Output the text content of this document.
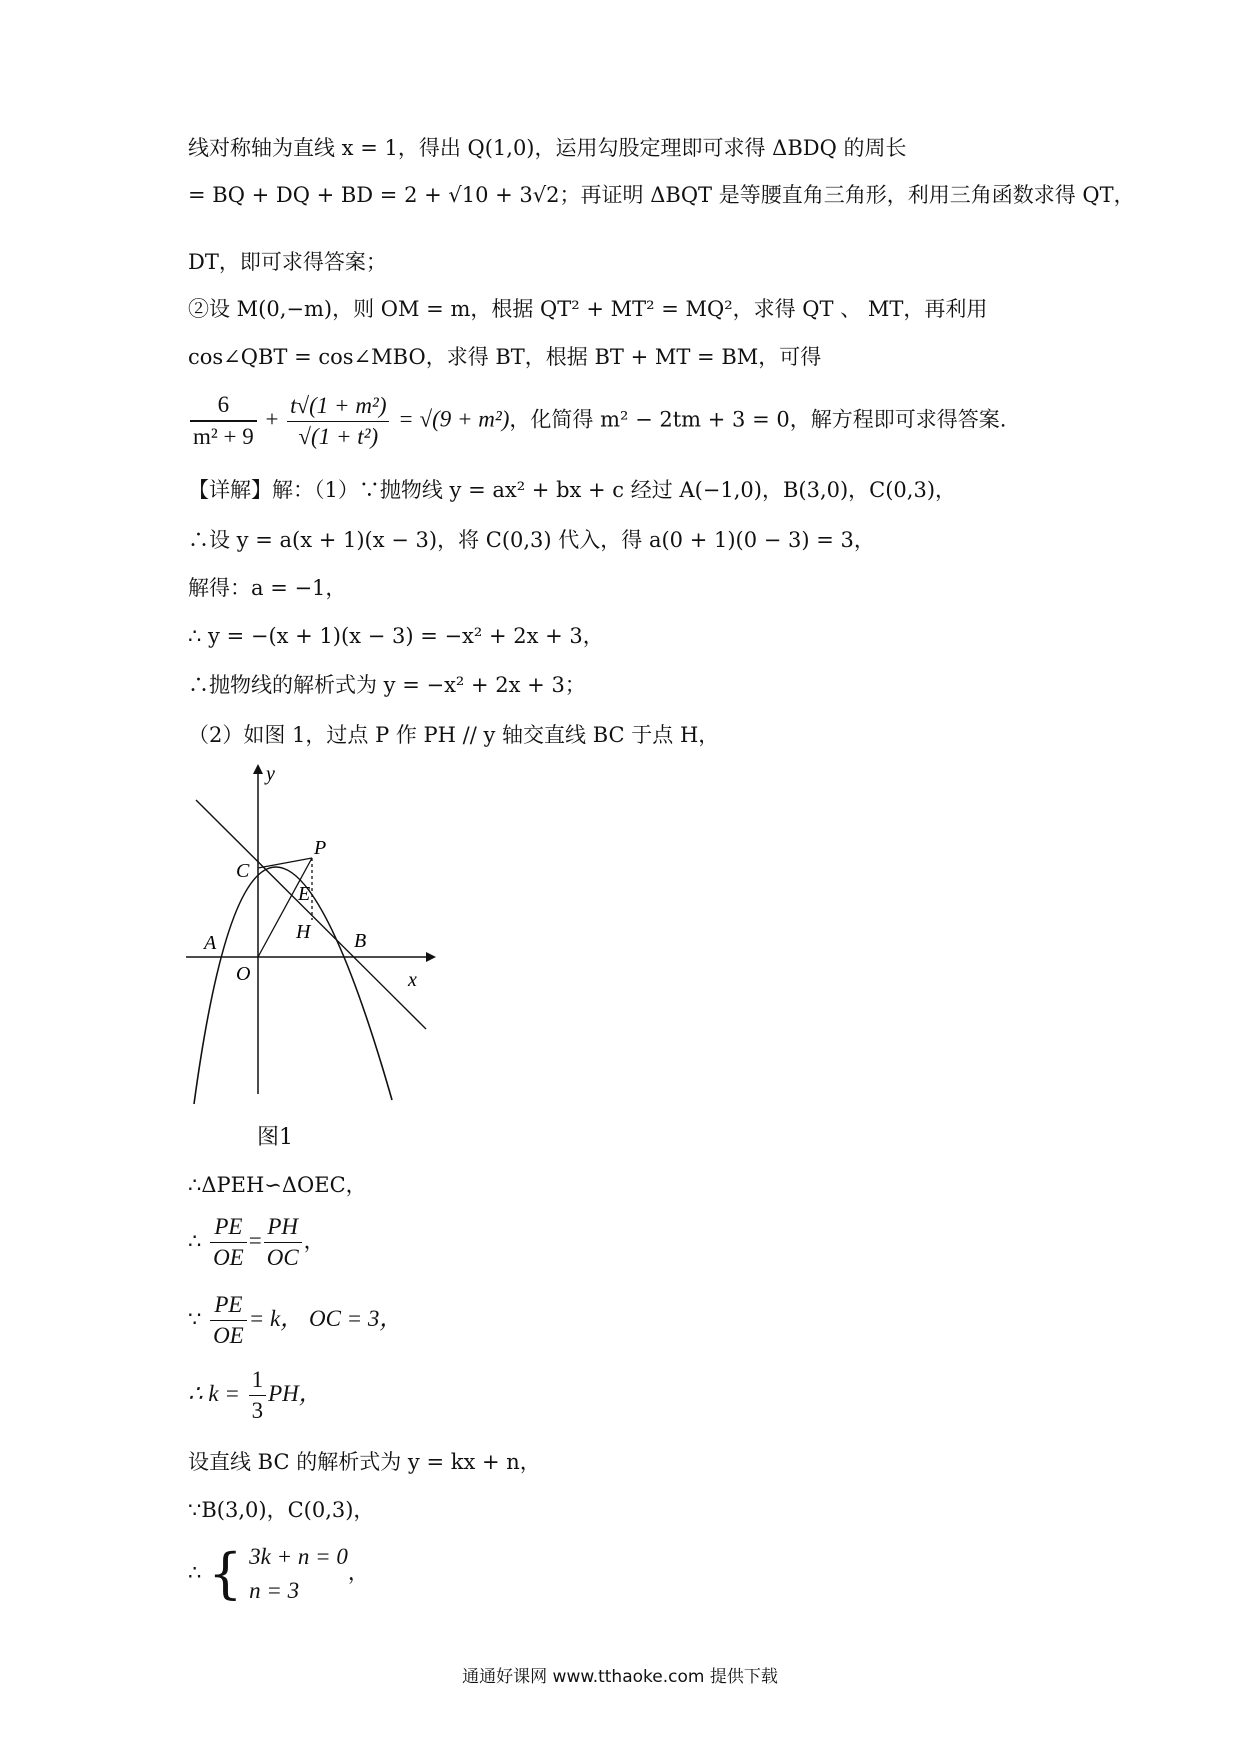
线对称轴为直线 x = 1，得出 Q(1,0)，运用勾股定理即可求得 ΔBDQ 的周长
= BQ + DQ + BD = 2 + √10 + 3√2；再证明 ΔBQT 是等腰直角三角形，利用三角函数求得 QT，
DT，即可求得答案；
②设 M(0,−m)，则 OM = m，根据 QT² + MT² = MQ²，求得 QT 、 MT，再利用
cos∠QBT = cos∠MBO，求得 BT，根据 BT + MT = BM，可得
$\frac{6}{\text{m² + 9}} + \frac{\text{t√(1 + m²)}}{\text{√(1 + t²)}} = √(9 + m^2)$，化简得 m² − 2tm + 3 = 0，解方程即可求得答案.
【详解】解：（1）∵抛物线 y = ax² + bx + c 经过 A(−1,0)，B(3,0)，C(0,3)，
∴设 y = a(x + 1)(x − 3)，将 C(0,3) 代入，得 a(0 + 1)(0 − 3) = 3，
解得：a = −1，
∴ y = −(x + 1)(x − 3) = −x² + 2x + 3，
∴抛物线的解析式为 y = −x² + 2x + 3；
（2）如图 1，过点 P 作 PH // y 轴交直线 BC 于点 H，
y
x
P
C
E
H
A	B
O
图1
∴ΔPEH∽ΔOEC，
∴ $\frac{PE}{OE} = \frac{PH}{OC}$ ，
∵ $\frac{PE}{OE} = k$， OC = 3，
∴ $k = \frac{1}{3}$ PH，
设直线 BC 的解析式为 y = kx + n，
∵B(3,0)，C(0,3)，
∴ { 3k + n = 0
n = 3
，
通通好课网 www.tthaoke.com 提供下载
